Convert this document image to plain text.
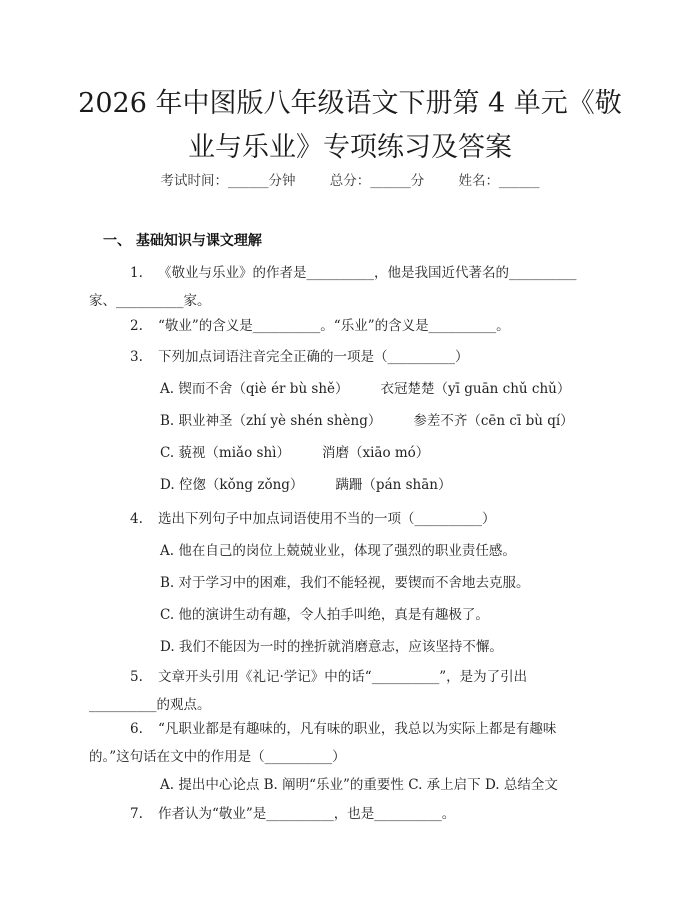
2026 年中图版八年级语文下册第 4 单元《敬
业与乐业》专项练习及答案
考试时间：______分钟	总分：______分	姓名：______
一、 基础知识与课文理解
1. 《敬业与乐业》的作者是__________，他是我国近代著名的__________
家、__________家。
2. “敬业”的含义是__________。“乐业”的含义是__________。
3. 下列加点词语注音完全正确的一项是（__________）
A. 锲而不舍（qiè ér bù shě） 衣冠楚楚（yī guān chǔ chǔ）
B. 职业神圣（zhí yè shén shèng） 参差不齐（cēn cī bù qí）
C. 藐视（miǎo shì） 消磨（xiāo mó）
D. 倥偬（kǒng zǒng） 蹒跚（pán shān）
4. 选出下列句子中加点词语使用不当的一项（__________）
A. 他在自己的岗位上兢兢业业，体现了强烈的职业责任感。
B. 对于学习中的困难，我们不能轻视，要锲而不舍地去克服。
C. 他的演讲生动有趣，令人拍手叫绝，真是有趣极了。
D. 我们不能因为一时的挫折就消磨意志，应该坚持不懈。
5. 文章开头引用《礼记·学记》中的话“__________”，是为了引出
__________的观点。
6. “凡职业都是有趣味的，凡有味的职业，我总以为实际上都是有趣味
的。”这句话在文中的作用是（__________）
A. 提出中心论点 B. 阐明“乐业”的重要性 C. 承上启下 D. 总结全文
7. 作者认为“敬业”是__________，也是__________。
